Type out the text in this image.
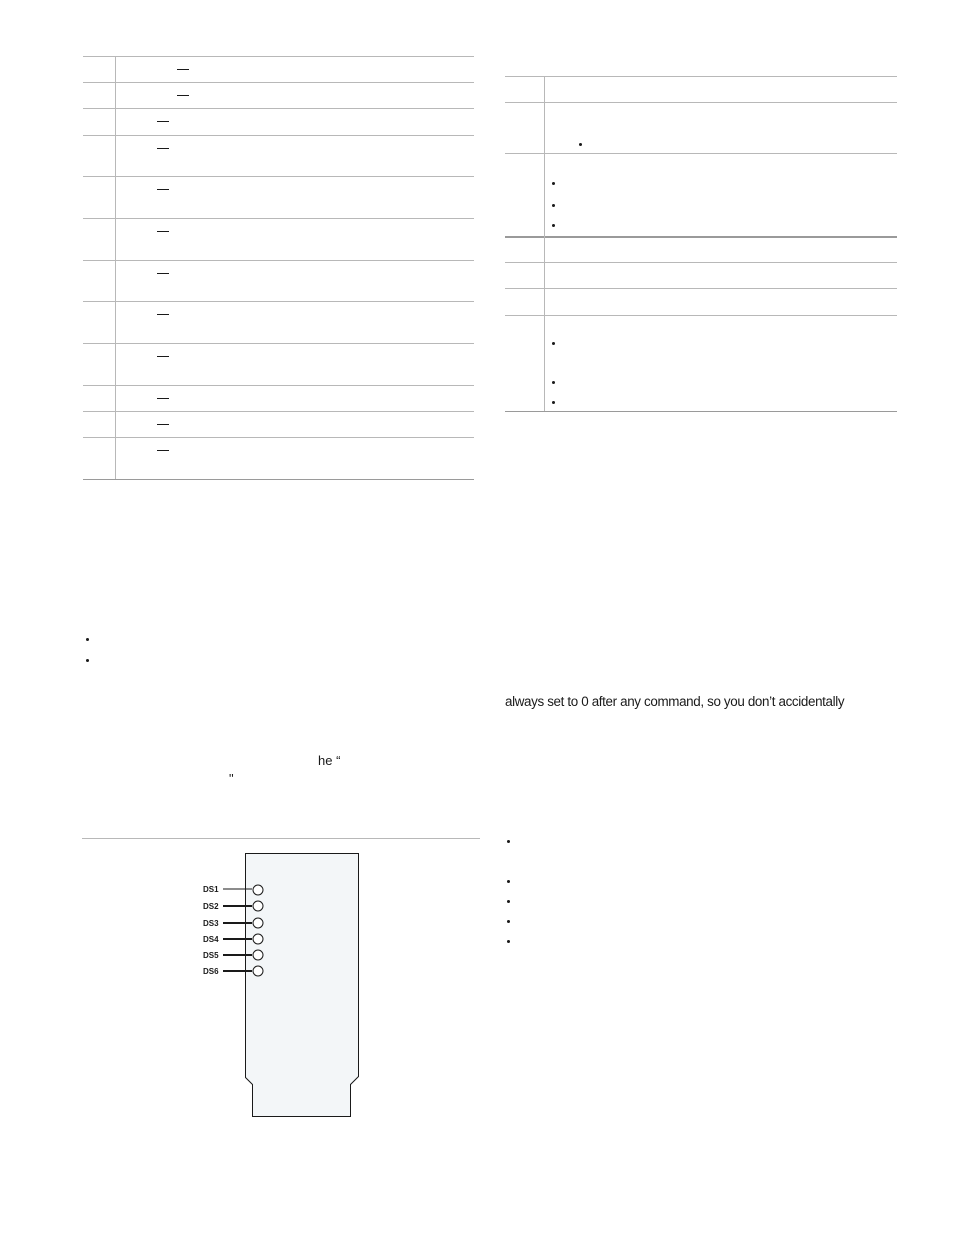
he “
"
always set to 0 after any command, so you don’t accidentally
DS1
DS2
DS3
DS4
DS5
DS6
